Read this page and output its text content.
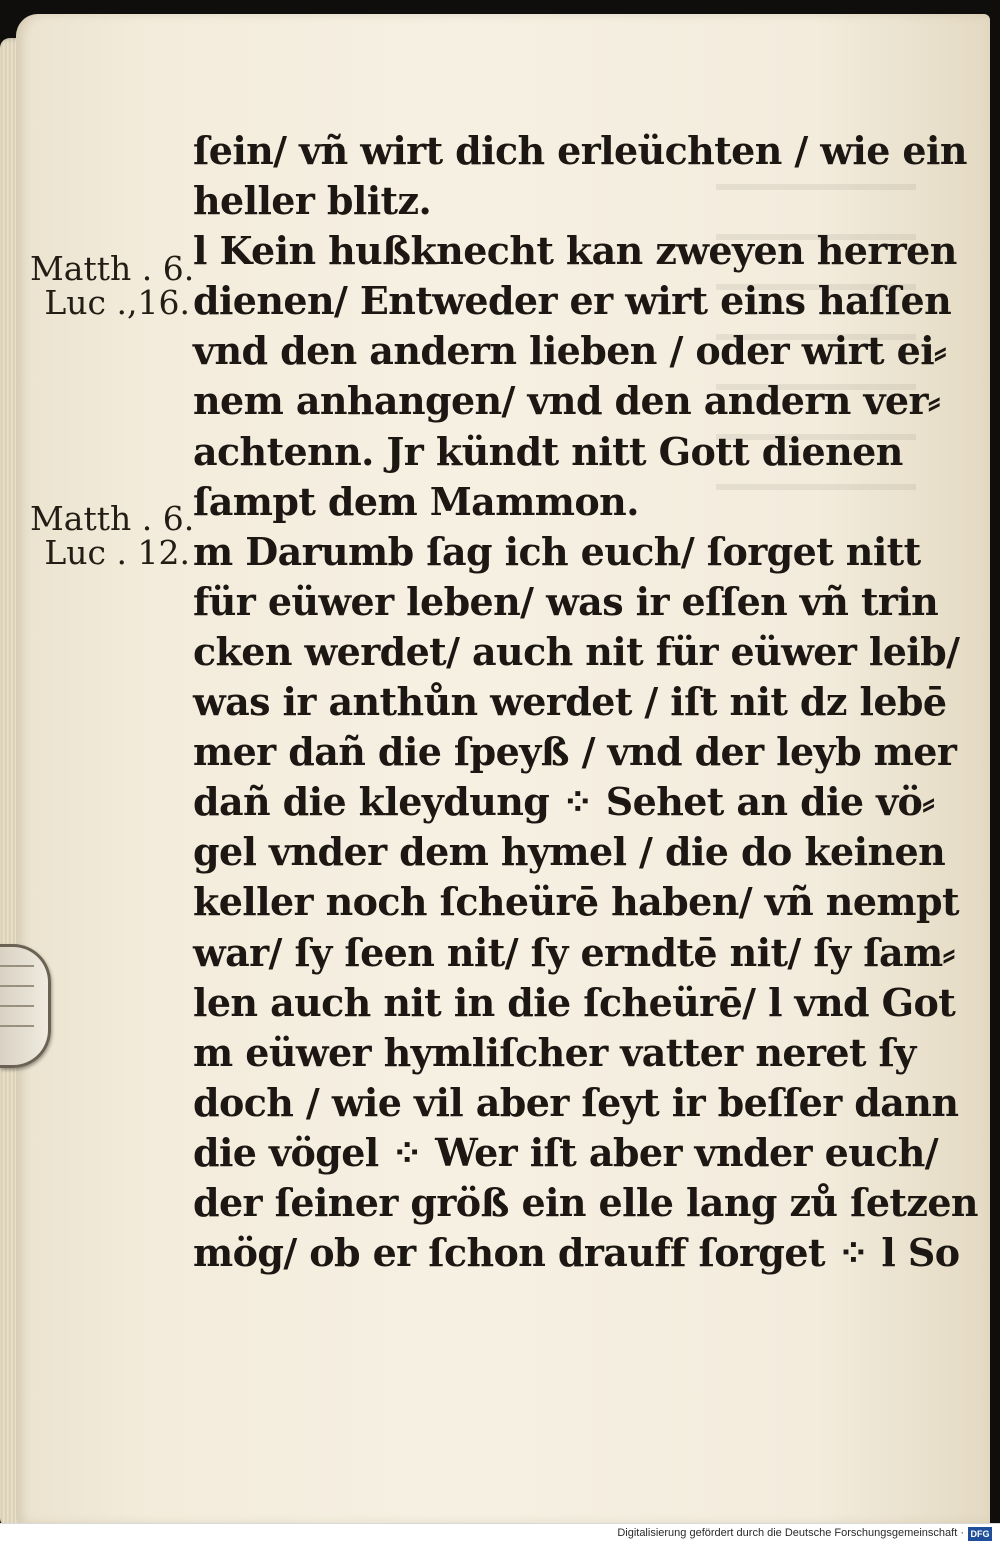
Matth . 6.
Luc .,16.
Matth . 6.
Luc . 12.
ſein/ vñ wirt dich erleüchten / wie ein
heller blitz.
l Kein hußknecht kan zweyen herren
dienen/ Entweder er wirt eins haſſen
vnd den andern lieben / oder wirt ei⸗
nem anhangen/ vnd den andern ver⸗
achtenn. Jr kündt nitt Gott dienen
ſampt dem Mammon.
m Darumb ſag ich euch/ ſorget nitt
für eüwer leben/ was ir eſſen vñ trin
cken werdet/ auch nit für eüwer leib/
was ir anthůn werdet / iſt nit dz lebē
mer dañ die ſpeyß / vnd der leyb mer
dañ die kleydung ⁘ Sehet an die vö⸗
gel vnder dem hymel / die do keinen
keller noch ſcheürē haben/ vñ nempt
war/ ſy ſeen nit/ ſy erndtē nit/ ſy ſam⸗
len auch nit in die ſcheürē/ l vnd Got
m eüwer hymliſcher vatter neret ſy
doch / wie vil aber ſeyt ir beſſer dann
die vögel ⁘ Wer iſt aber vnder euch/
der ſeiner größ ein elle lang zů ſetzen
mög/ ob er ſchon drauff ſorget ⁘ l So
Digitalisierung gefördert durch die Deutsche Forschungsgemeinschaft · DFG
